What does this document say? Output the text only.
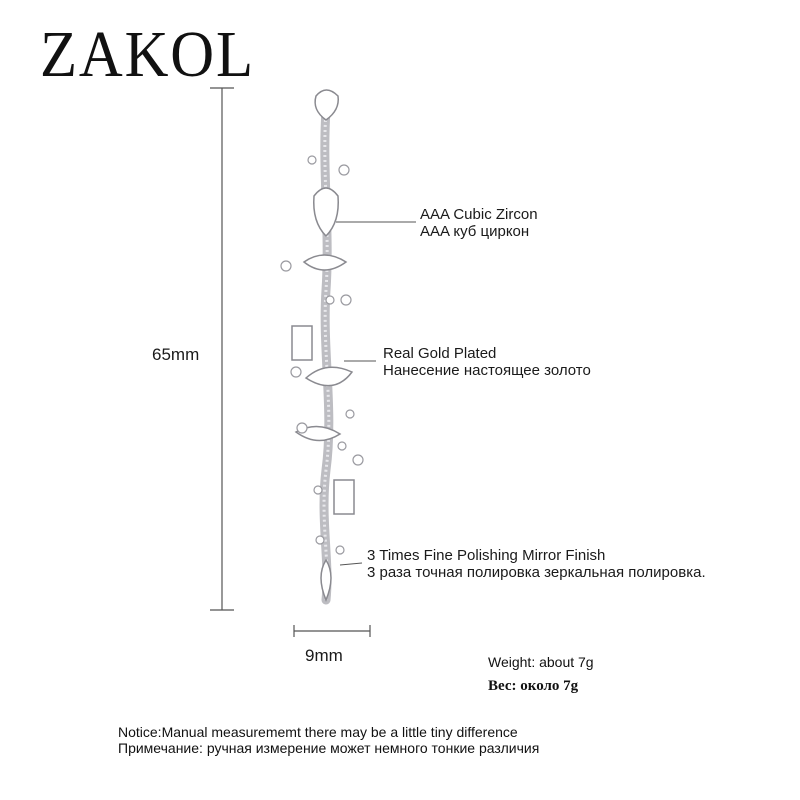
ZAKOL
65mm
9mm
AAA Cubic Zircon
AAA куб циркон
Real Gold Plated
Нанесение настоящее золото
3 Times Fine Polishing Mirror Finish
3 раза точная полировка зеркальная полировка.
Weight: about 7g
Вес: около 7g
Notice:Manual measurememt there may be a little tiny difference
Примечание: ручная измерение может немного тонкие различия
